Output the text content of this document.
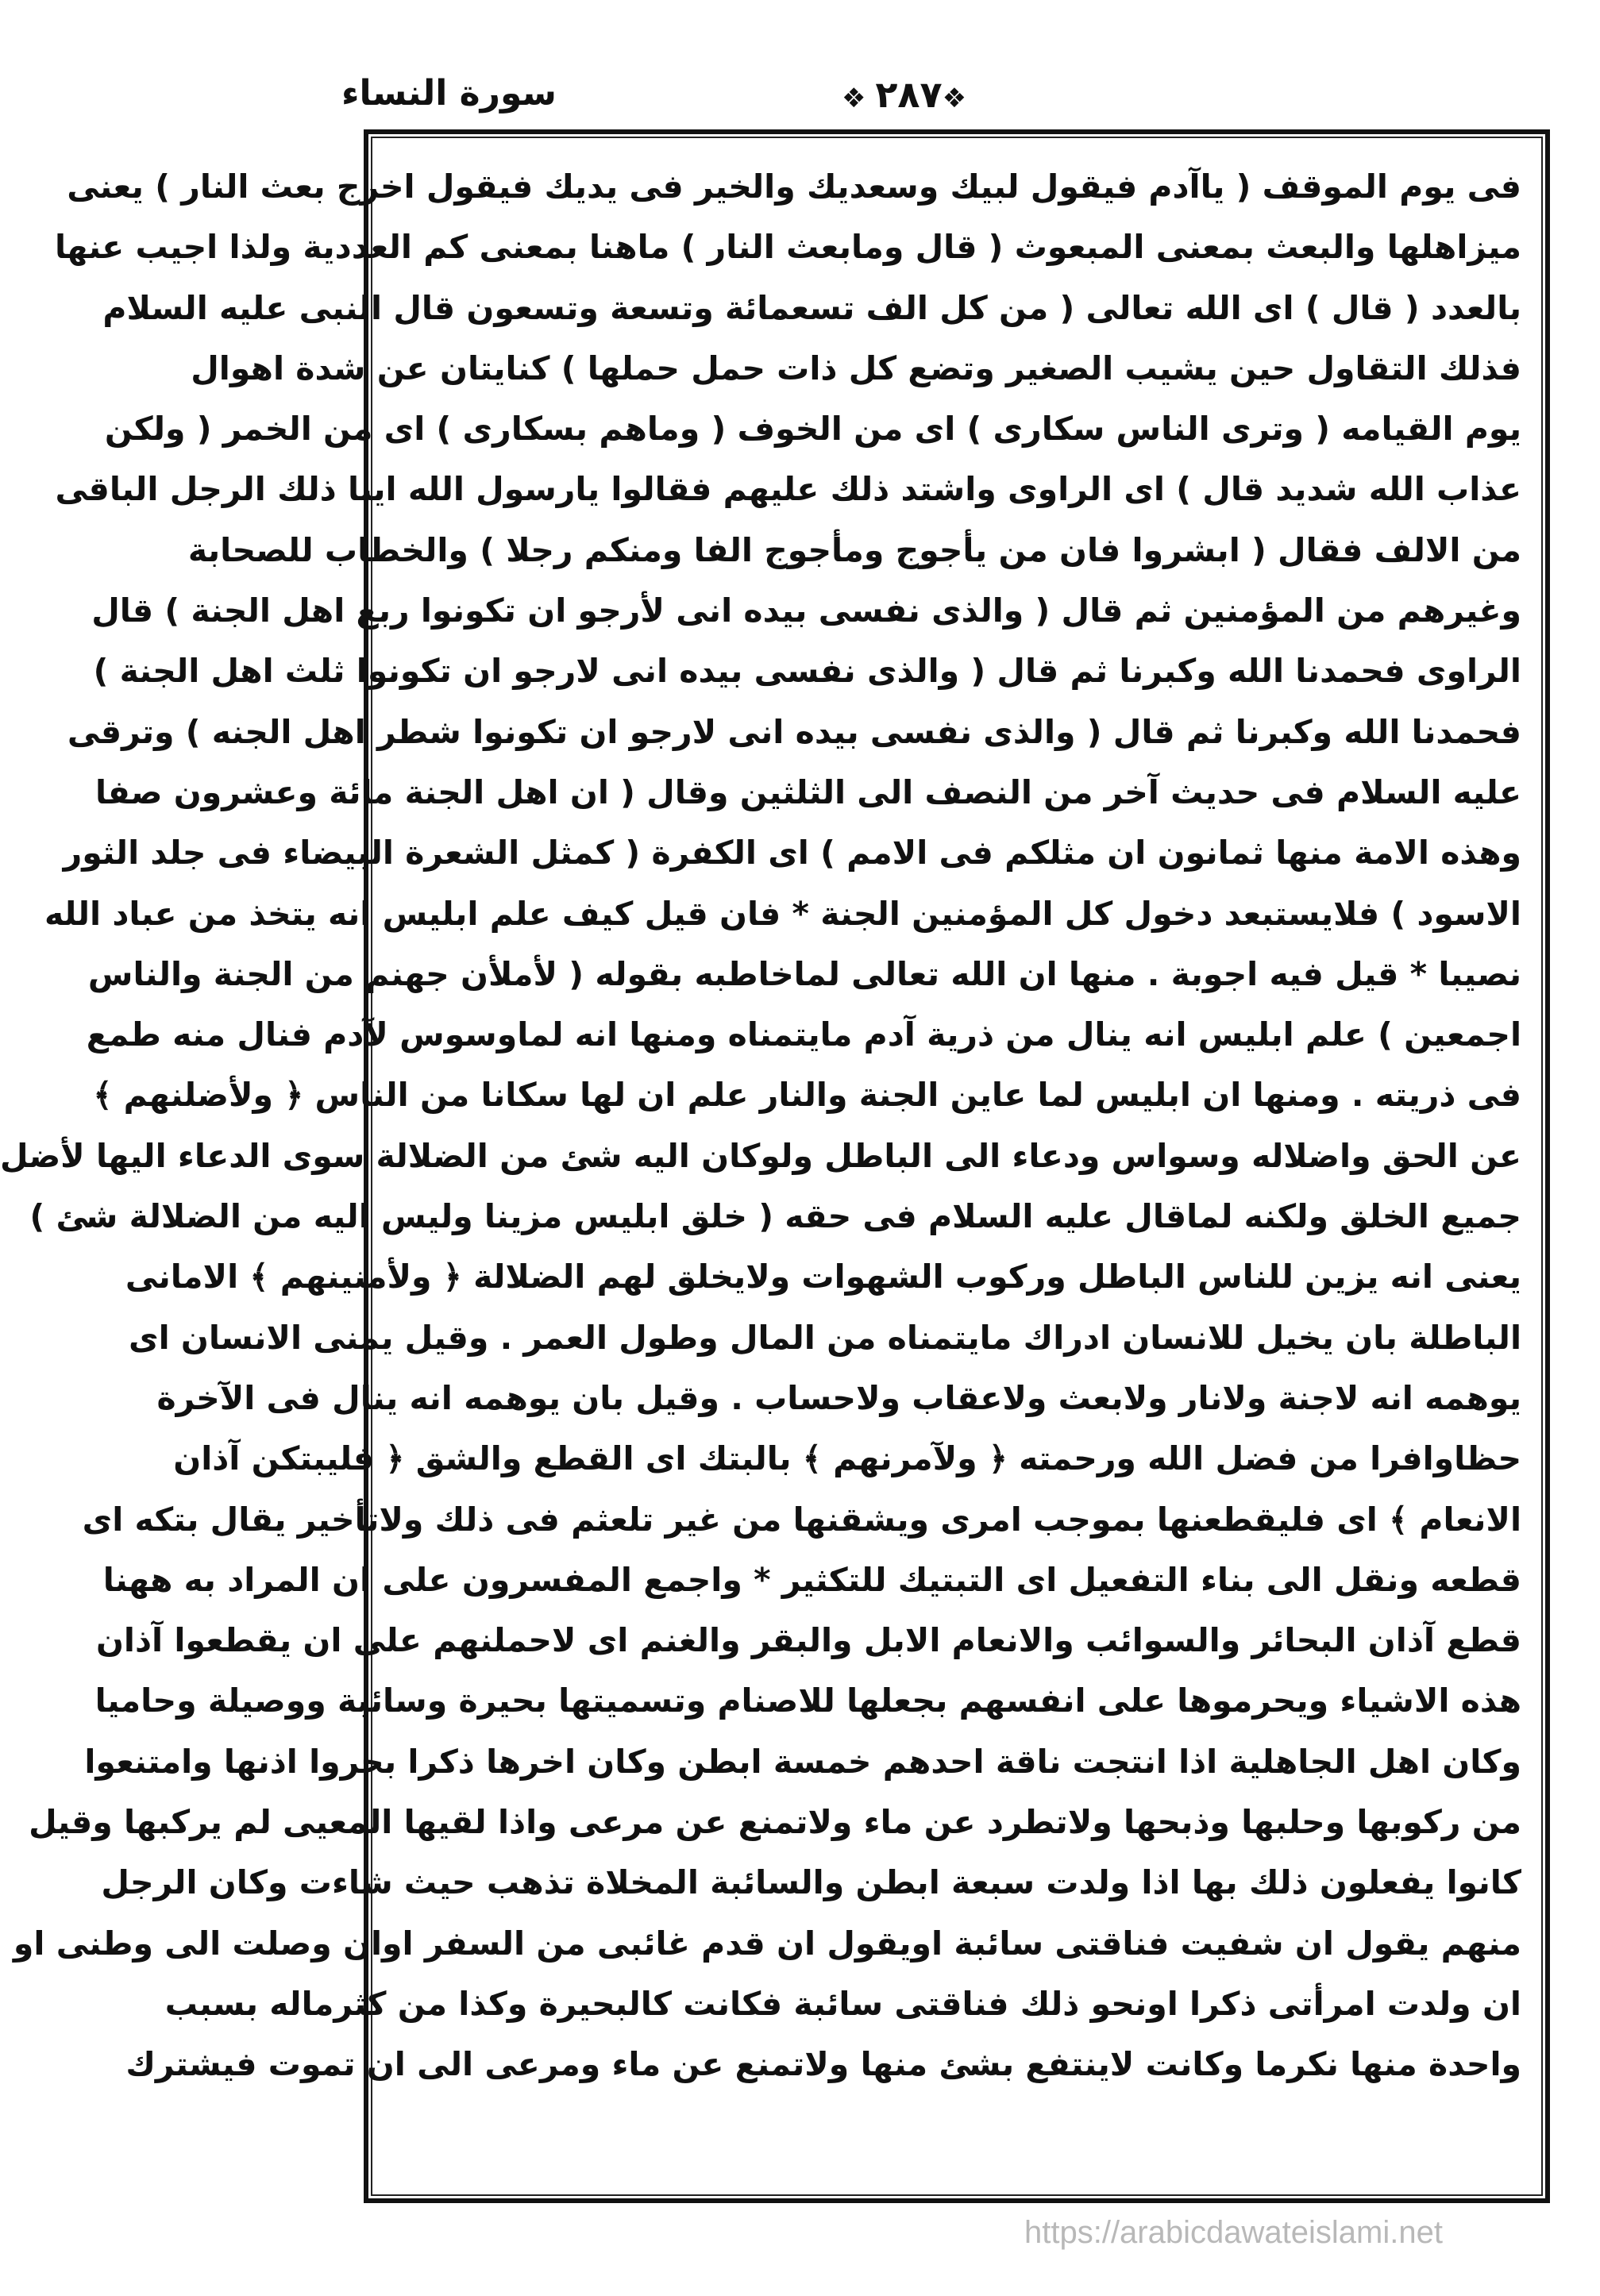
❖ ٢٨٧ ❖
سورة النساء
فى يوم الموقف ( ياآدم فيقول لبيك وسعديك والخير فى يديك فيقول اخرج بعث النار ) يعنى
ميزاهلها والبعث بمعنى المبعوث ( قال ومابعث النار ) ماهنا بمعنى كم العددية ولذا اجيب عنها
بالعدد ( قال ) اى الله تعالى ( من كل الف تسعمائة وتسعة وتسعون قال النبى عليه السلام
فذلك التقاول حين يشيب الصغير وتضع كل ذات حمل حملها ) كنايتان عن شدة اهوال
يوم القيامه ( وترى الناس سكارى ) اى من الخوف ( وماهم بسكارى ) اى من الخمر ( ولكن
عذاب الله شديد قال ) اى الراوى واشتد ذلك عليهم فقالوا يارسول الله اينا ذلك الرجل الباقى
من الالف فقال ( ابشروا فان من يأجوج ومأجوج الفا ومنكم رجلا ) والخطاب للصحابة
وغيرهم من المؤمنين ثم قال ( والذى نفسى بيده انى لأرجو ان تكونوا ربع اهل الجنة ) قال
الراوى فحمدنا الله وكبرنا ثم قال ( والذى نفسى بيده انى لارجو ان تكونوا ثلث اهل الجنة )
فحمدنا الله وكبرنا ثم قال ( والذى نفسى بيده انى لارجو ان تكونوا شطر اهل الجنه ) وترقى
عليه السلام فى حديث آخر من النصف الى الثلثين وقال ( ان اهل الجنة مائة وعشرون صفا
وهذه الامة منها ثمانون ان مثلكم فى الامم ) اى الكفرة ( كمثل الشعرة البيضاء فى جلد الثور
الاسود ) فلايستبعد دخول كل المؤمنين الجنة * فان قيل كيف علم ابليس انه يتخذ من عباد الله
نصيبا * قيل فيه اجوبة . منها ان الله تعالى لماخاطبه بقوله ( لأملأن جهنم من الجنة والناس
اجمعين ) علم ابليس انه ينال من ذرية آدم مايتمناه ومنها انه لماوسوس لآدم فنال منه طمع
فى ذريته . ومنها ان ابليس لما عاين الجنة والنار علم ان لها سكانا من الناس ﴿ ولأضلنهم ﴾
عن الحق واضلاله وسواس ودعاء الى الباطل ولوكان اليه شئ من الضلالة سوى الدعاء اليها لأضل
جميع الخلق ولكنه لماقال عليه السلام فى حقه ( خلق ابليس مزينا وليس اليه من الضلالة شئ )
يعنى انه يزين للناس الباطل وركوب الشهوات ولايخلق لهم الضلالة ﴿ ولأمنينهم ﴾ الامانى
الباطلة بان يخيل للانسان ادراك مايتمناه من المال وطول العمر . وقيل يمنى الانسان اى
يوهمه انه لاجنة ولانار ولابعث ولاعقاب ولاحساب . وقيل بان يوهمه انه ينال فى الآخرة
حظاوافرا من فضل الله ورحمته ﴿ ولآمرنهم ﴾ بالبتك اى القطع والشق ﴿ فليبتكن آذان
الانعام ﴾ اى فليقطعنها بموجب امرى ويشقنها من غير تلعثم فى ذلك ولاتأخير يقال بتكه اى
قطعه ونقل الى بناء التفعيل اى التبتيك للتكثير * واجمع المفسرون على ان المراد به ههنا
قطع آذان البحائر والسوائب والانعام الابل والبقر والغنم اى لاحملنهم على ان يقطعوا آذان
هذه الاشياء ويحرموها على انفسهم بجعلها للاصنام وتسميتها بحيرة وسائبة ووصيلة وحاميا
وكان اهل الجاهلية اذا انتجت ناقة احدهم خمسة ابطن وكان اخرها ذكرا بحروا اذنها وامتنعوا
من ركوبها وحلبها وذبحها ولاتطرد عن ماء ولاتمنع عن مرعى واذا لقيها المعيى لم يركبها وقيل
كانوا يفعلون ذلك بها اذا ولدت سبعة ابطن والسائبة المخلاة تذهب حيث شاءت وكان الرجل
منهم يقول ان شفيت فناقتى سائبة اويقول ان قدم غائبى من السفر اوان وصلت الى وطنى او
ان ولدت امرأتى ذكرا اونحو ذلك فناقتى سائبة فكانت كالبحيرة وكذا من كثرماله بسبب
واحدة منها نكرما وكانت لاينتفع بشئ منها ولاتمنع عن ماء ومرعى الى ان تموت فيشترك
https://arabicdawateislami.net
